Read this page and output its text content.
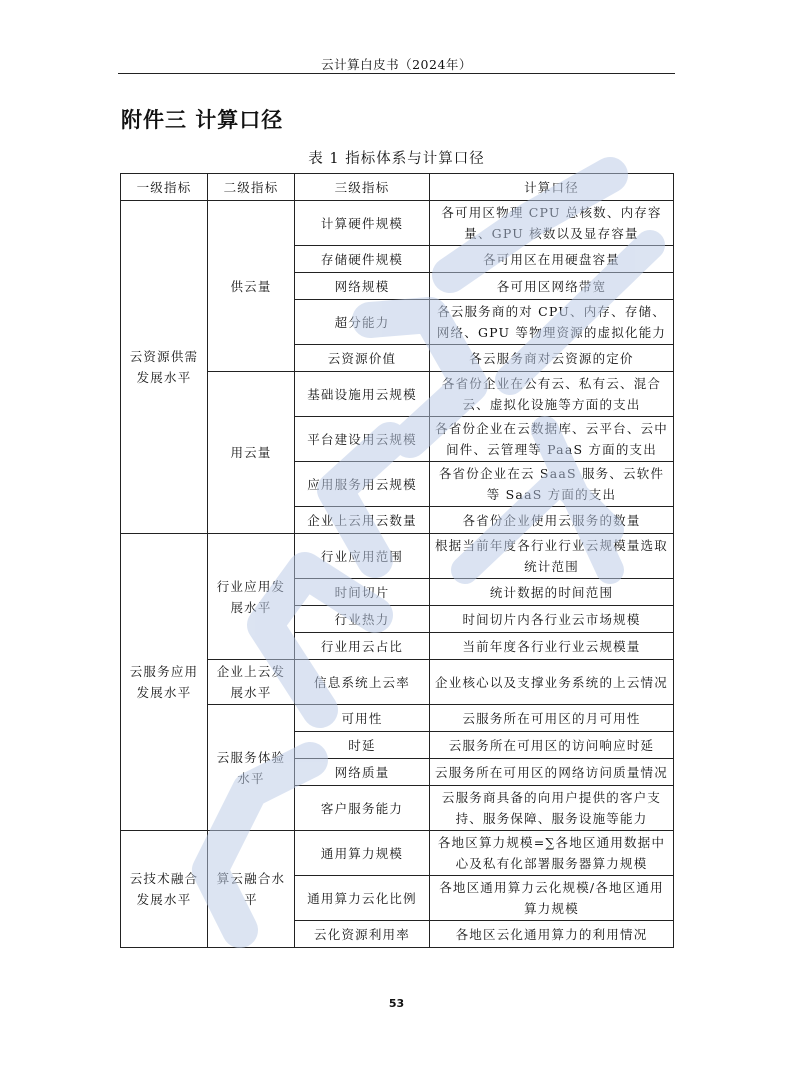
云计算白皮书（2024年）
附件三 计算口径
表 1 指标体系与计算口径
一级指标	二级指标	三级指标	计算口径
云资源供需发展水平	供云量	计算硬件规模	各可用区物理 CPU 总核数、内存容量、GPU 核数以及显存容量
		存储硬件规模	各可用区在用硬盘容量
		网络规模	各可用区网络带宽
		超分能力	各云服务商的对 CPU、内存、存储、网络、GPU 等物理资源的虚拟化能力
		云资源价值	各云服务商对云资源的定价
	用云量	基础设施用云规模	各省份企业在公有云、私有云、混合云、虚拟化设施等方面的支出
		平台建设用云规模	各省份企业在云数据库、云平台、云中间件、云管理等 PaaS 方面的支出
		应用服务用云规模	各省份企业在云 SaaS 服务、云软件等 SaaS 方面的支出
		企业上云用云数量	各省份企业使用云服务的数量
云服务应用发展水平	行业应用发展水平	行业应用范围	根据当前年度各行业行业云规模量选取统计范围
		时间切片	统计数据的时间范围
		行业热力	时间切片内各行业云市场规模
		行业用云占比	当前年度各行业行业云规模量
	企业上云发展水平	信息系统上云率	企业核心以及支撑业务系统的上云情况
	云服务体验水平	可用性	云服务所在可用区的月可用性
		时延	云服务所在可用区的访问响应时延
		网络质量	云服务所在可用区的网络访问质量情况
		客户服务能力	云服务商具备的向用户提供的客户支持、服务保障、服务设施等能力
云技术融合发展水平	算云融合水平	通用算力规模	各地区算力规模=∑各地区通用数据中心及私有化部署服务器算力规模
		通用算力云化比例	各地区通用算力云化规模/各地区通用算力规模
		云化资源利用率	各地区云化通用算力的利用情况
53
